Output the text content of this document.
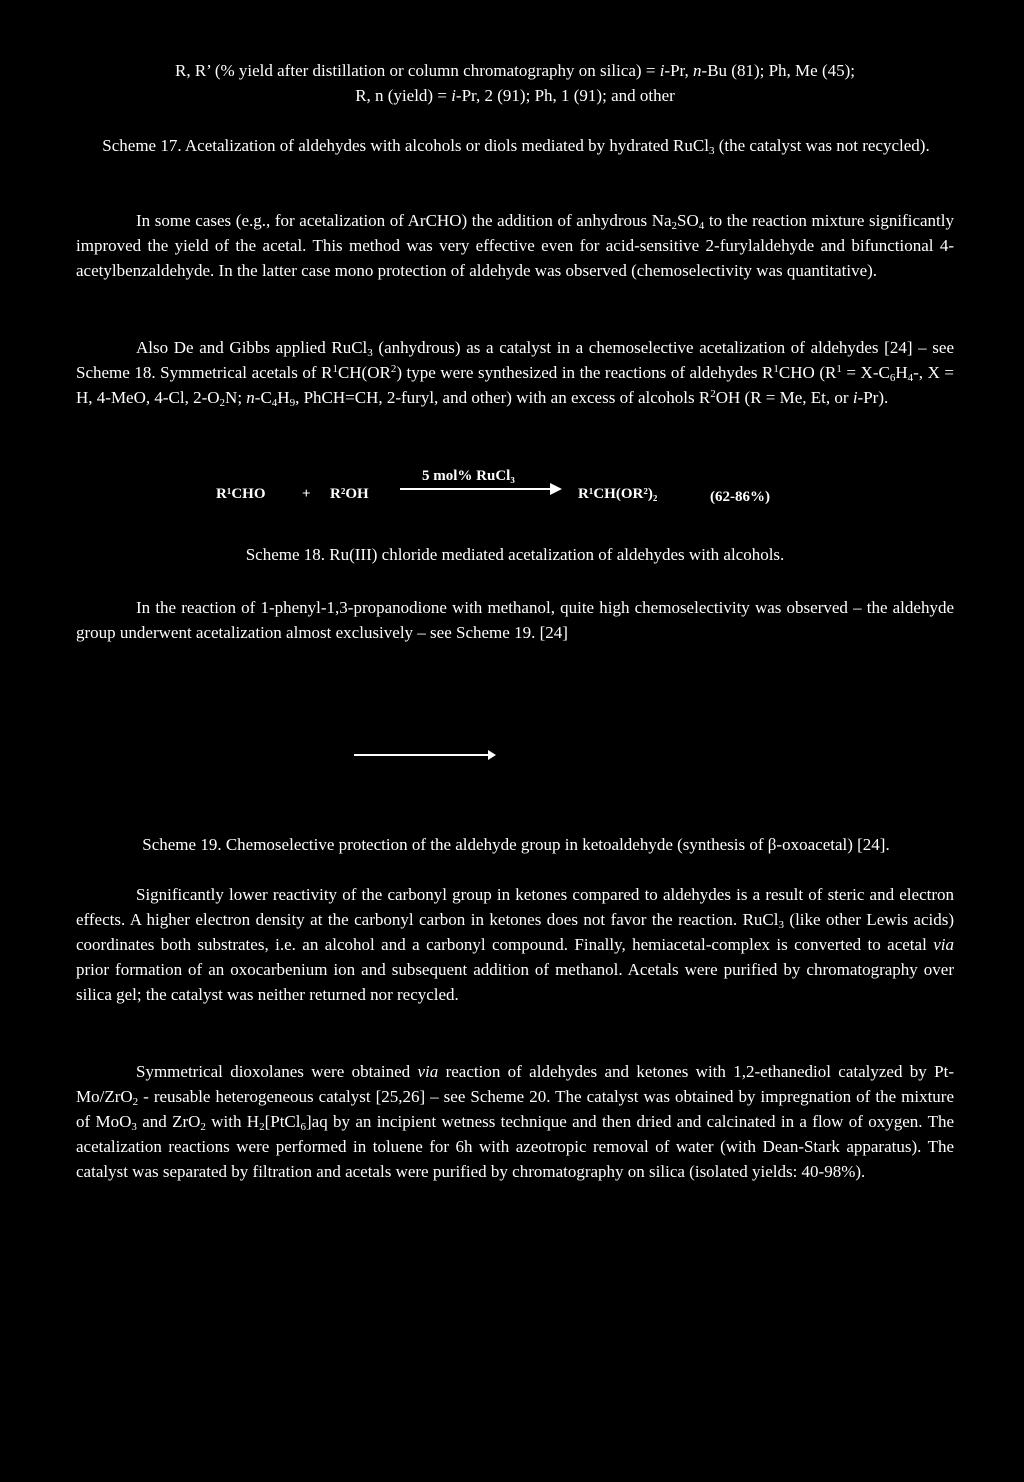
R, R’ (% yield after distillation or column chromatography on silica) = i-Pr, n-Bu (81); Ph, Me (45);
R, n (yield) = i-Pr, 2 (91); Ph, 1 (91); and other
Scheme 17. Acetalization of aldehydes with alcohols or diols mediated by hydrated RuCl$_3$ (the catalyst was not recycled).
In some cases (e.g., for acetalization of ArCHO) the addition of anhydrous $Na_2SO_4$ to the reaction mixture significantly improved the yield of the acetal. This method was very effective even for acid-sensitive 2-furylaldehyde and bifunctional 4-acetylbenzaldehyde. In the latter case mono protection of aldehyde was observed (chemoselectivity was quantitative).
Also De and Gibbs applied RuCl$_3$ (anhydrous) as a catalyst in a chemoselective acetalization of aldehydes [24] – see Scheme 18. Symmetrical acetals of $R^1CH(OR^2)$ type were synthesized in the reactions of aldehydes $R^1CHO$ ($R^1 = X-C_6H_4-$, X = H, 4-MeO, 4-Cl, $2-O_2N$; $n-C_4H_9$, PhCH=CH, 2-furyl, and other) with an excess of alcohols $R^2OH$ (R = Me, Et, or i-Pr).
R¹CHO + R²OH
5 mol% RuCl₃
R¹CH(OR²)₂	(62-86%)
Scheme 18. Ru(III) chloride mediated acetalization of aldehydes with alcohols.
In the reaction of 1-phenyl-1,3-propanodione with methanol, quite high chemoselectivity was observed – the aldehyde group underwent acetalization almost exclusively – see Scheme 19. [24]
Scheme 19. Chemoselective protection of the aldehyde group in ketoaldehyde (synthesis of β-oxoacetal) [24].
Significantly lower reactivity of the carbonyl group in ketones compared to aldehydes is a result of steric and electron effects. A higher electron density at the carbonyl carbon in ketones does not favor the reaction. RuCl$_3$ (like other Lewis acids) coordinates both substrates, i.e. an alcohol and a carbonyl compound. Finally, hemiacetal-complex is converted to acetal via prior formation of an oxocarbenium ion and subsequent addition of methanol. Acetals were purified by chromatography over silica gel; the catalyst was neither returned nor recycled.
Symmetrical dioxolanes were obtained via reaction of aldehydes and ketones with 1,2-ethanediol catalyzed by Pt-Mo/ZrO$_2$ - reusable heterogeneous catalyst [25,26] – see Scheme 20. The catalyst was obtained by impregnation of the mixture of MoO$_3$ and ZrO$_2$ with $H_2[PtCl_6]aq$ by an incipient wetness technique and then dried and calcinated in a flow of oxygen. The acetalization reactions were performed in toluene for 6h with azeotropic removal of water (with Dean-Stark apparatus). The catalyst was separated by filtration and acetals were purified by chromatography on silica (isolated yields: 40-98%).
